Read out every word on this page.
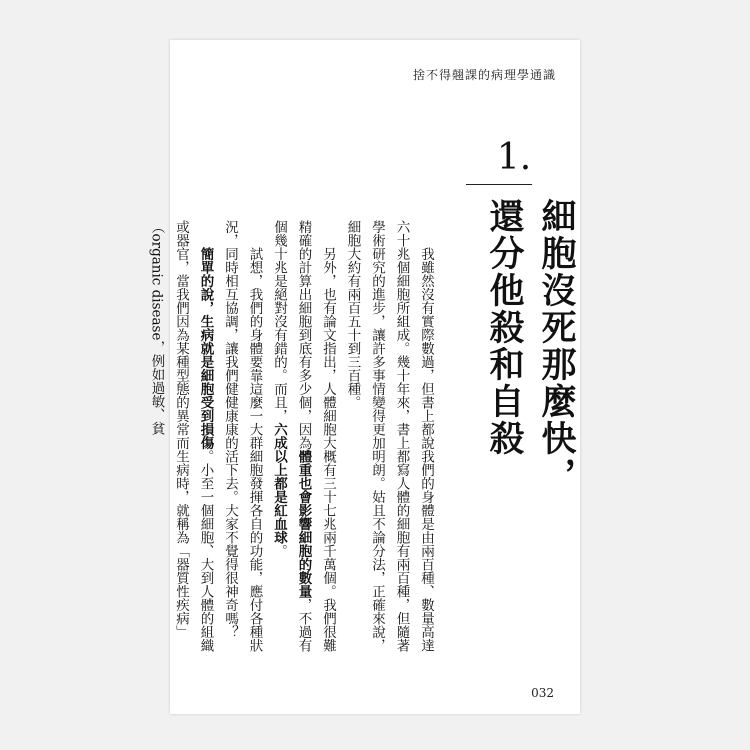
捨不得翹課的病理學通識
1.
細胞沒死那麼快，
還分他殺和自殺

我雖然沒有實際數過，但書上都說我們的身體是由兩百種、數量高達六十兆個細胞所組成。幾十年來，書上都寫人體的細胞有兩百種，但隨著學術研究的進步，讓許多事情變得更加明朗。姑且不論分法，正確來說，細胞大約有兩百五十到三百種。

另外，也有論文指出，人體細胞大概有三十七兆兩千萬個。我們很難精確的計算出細胞到底有多少個，因為體重也會影響細胞的數量，不過有個幾十兆是絕對沒有錯的。而且，六成以上都是紅血球。

試想，我們的身體要靠這麼一大群細胞發揮各自的功能，應付各種狀況，同時相互協調，讓我們健健康康的活下去。大家不覺得很神奇嗎？

簡單的說，生病就是細胞受到損傷。小至一個細胞、大到人體的組織或器官，當我們因為某種型態的異常而生病時，就稱為「器質性疾病」（organic disease，例如過敏、貧

032
